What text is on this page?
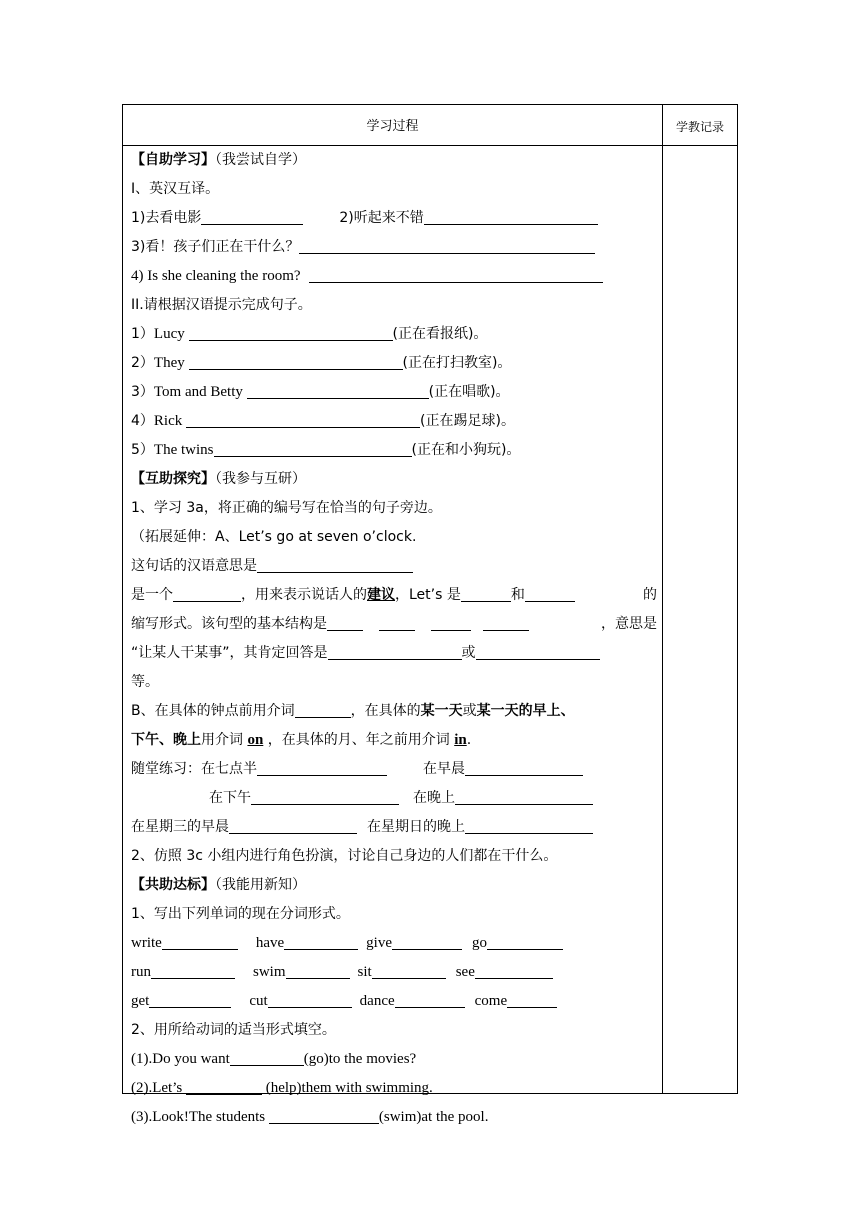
学习过程	学教记录
【自助学习】（我尝试自学）
I、英汉互译。
1)去看电影	2)听起来不错
3)看！孩子们正在干什么？
4) Is she cleaning the room?
II.请根据汉语提示完成句子。
1）Lucy	(正在看报纸)。
2）They	(正在打扫教室)。
3）Tom and Betty	(正在唱歌)。
4）Rick	(正在踢足球)。
5）The twins	(正在和小狗玩)。
【互助探究】（我参与互研）
1、学习 3a，将正确的编号写在恰当的句子旁边。
（拓展延伸：A、Let’s go at seven o’clock.
这句话的汉语意思是
是一个	，用来表示说话人的建议，Let’s 是	和	的
缩写形式。该句型的基本结构是	，意思是
“让某人干某事”，其肯定回答是	或
等。
B、在具体的钟点前用介词	，在具体的某一天或某一天的早上、
下午、晚上用介词 on ，在具体的月、年之前用介词 in.
随堂练习：在七点半	在早晨
在下午	在晚上
在星期三的早晨	在星期日的晚上
2、仿照 3c 小组内进行角色扮演，讨论自己身边的人们都在干什么。
【共助达标】（我能用新知）
1、写出下列单词的现在分词形式。
write	have	give	go
run	swim	sit	see
get	cut	dance	come
2、用所给动词的适当形式填空。
(1).Do you want	(go)to the movies?
(2).Let’s	(help)them with swimming.
(3).Look!The students	(swim)at the pool.
